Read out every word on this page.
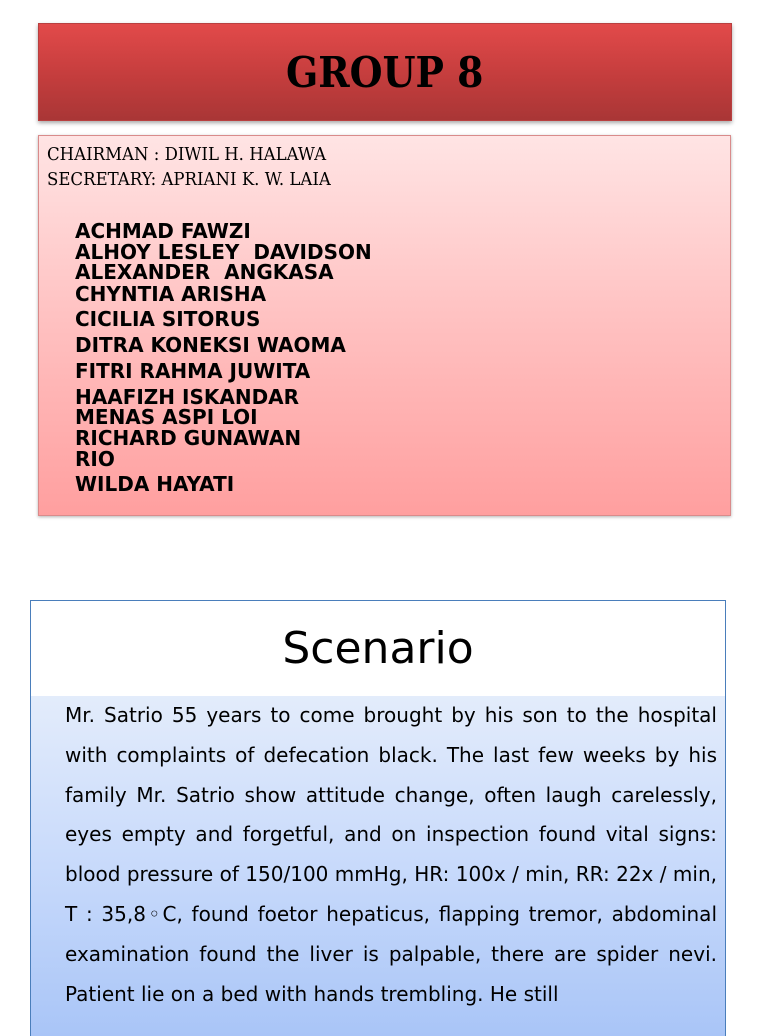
GROUP 8
CHAIRMAN : DIWIL H. HALAWA
SECRETARY: APRIANI K. W. LAIA
ACHMAD FAWZI
ALHOY LESLEY  DAVIDSON
ALEXANDER  ANGKASA
CHYNTIA ARISHA
CICILIA SITORUS
DITRA KONEKSI WAOMA
FITRI RAHMA JUWITA
HAAFIZH ISKANDAR
MENAS ASPI LOI
RICHARD GUNAWAN
RIO
WILDA HAYATI
Scenario

Mr. Satrio 55 years to come brought by his son to the hospital with complaints of defecation black. The last few weeks by his family Mr. Satrio show attitude change, often laugh carelessly, eyes empty and forgetful, and on inspection found vital signs: blood pressure of 150/100 mmHg, HR: 100x / min, RR: 22x / min, T : 35,8◦C, found foetor hepaticus, flapping tremor, abdominal examination found the liver is palpable, there are spider nevi. Patient lie on a bed with hands trembling. He still
